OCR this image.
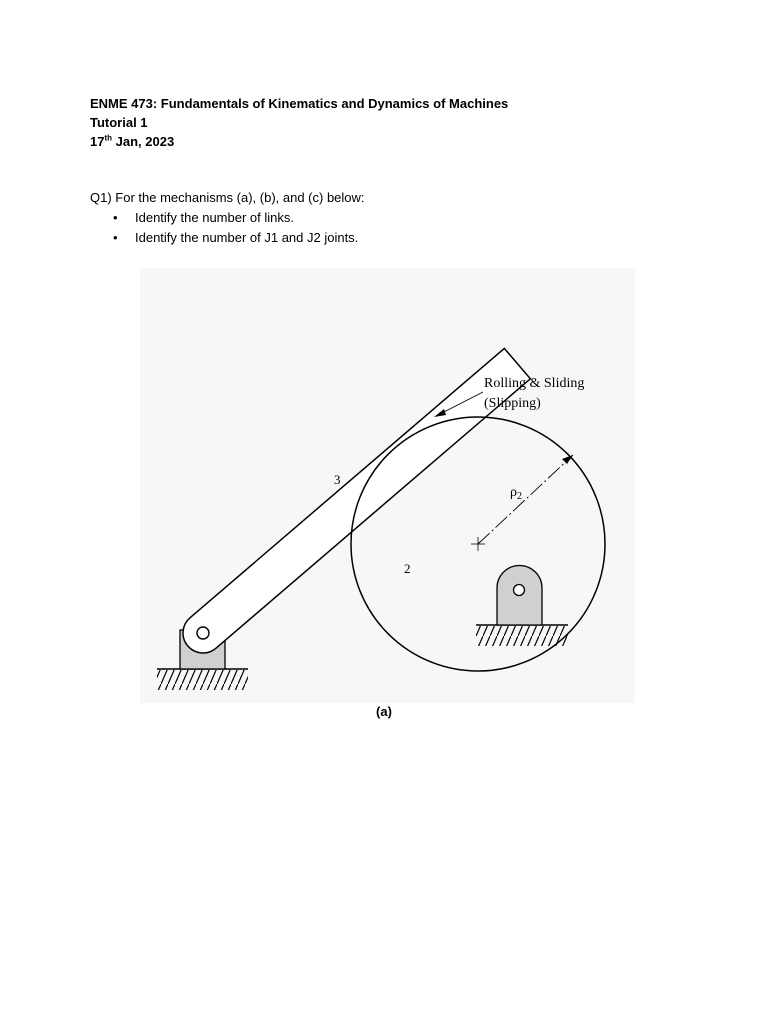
ENME 473: Fundamentals of Kinematics and Dynamics of Machines
Tutorial 1
17th Jan, 2023
Q1) For the mechanisms (a), (b), and (c) below:
• Identify the number of links.
• Identify the number of J1 and J2 joints.
Rolling & Sliding
(Slipping)
3
2
$\rho_2$
(a)
